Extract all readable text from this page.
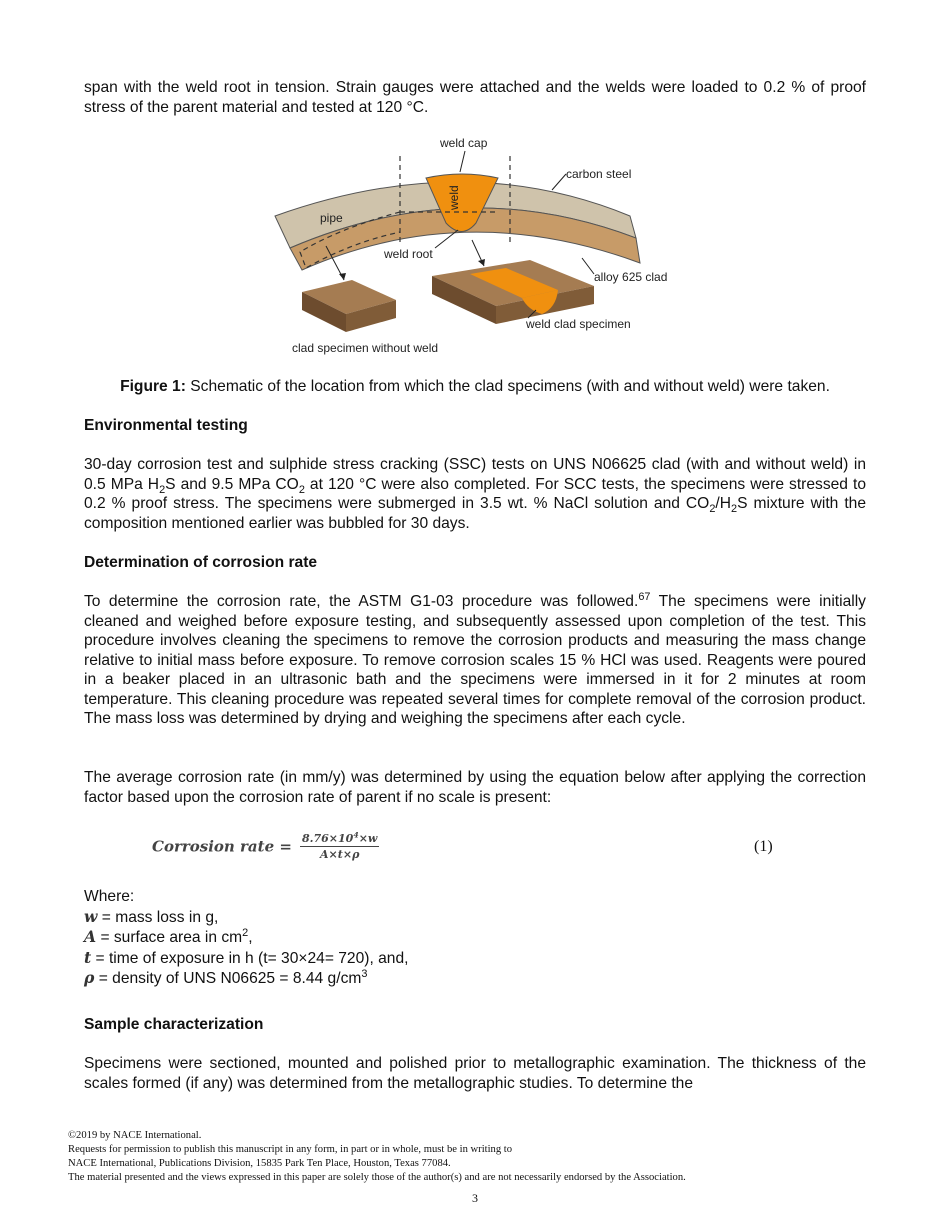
span with the weld root in tension. Strain gauges were attached and the welds were loaded to 0.2 % of proof stress of the parent material and tested at 120 °C.
weld cap
carbon steel
weld
pipe
weld root
alloy 625 clad
weld clad specimen
clad specimen without weld
Figure 1: Schematic of the location from which the clad specimens (with and without weld) were taken.
Environmental testing
30-day corrosion test and sulphide stress cracking (SSC) tests on UNS N06625 clad (with and without weld) in 0.5 MPa $H_2S$ and 9.5 MPa $CO_2$ at 120 °C were also completed. For SCC tests, the specimens were stressed to 0.2 % proof stress. The specimens were submerged in 3.5 wt. % NaCl solution and $CO_2/H_2S$ mixture with the composition mentioned earlier was bubbled for 30 days.
Determination of corrosion rate
To determine the corrosion rate, the ASTM G1-03 procedure was followed.$^{67}$ The specimens were initially cleaned and weighed before exposure testing, and subsequently assessed upon completion of the test. This procedure involves cleaning the specimens to remove the corrosion products and measuring the mass change relative to initial mass before exposure. To remove corrosion scales 15 % HCl was used. Reagents were poured in a beaker placed in an ultrasonic bath and the specimens were immersed in it for 2 minutes at room temperature. This cleaning procedure was repeated several times for complete removal of the corrosion product. The mass loss was determined by drying and weighing the specimens after each cycle.
The average corrosion rate (in mm/y) was determined by using the equation below after applying the correction factor based upon the corrosion rate of parent if no scale is present:
Corrosion rate = $\frac{8.76\times 10^4\times w}{A\times t\times\rho}$	(1)
Where:
w = mass loss in g,
A = surface area in $cm^2$,
t = time of exposure in h (t= 30×24= 720), and,
ρ = density of UNS N06625 = 8.44 $g/cm^3$
Sample characterization
Specimens were sectioned, mounted and polished prior to metallographic examination. The thickness of the scales formed (if any) was determined from the metallographic studies. To determine the
©2019 by NACE International.
Requests for permission to publish this manuscript in any form, in part or in whole, must be in writing to
NACE International, Publications Division, 15835 Park Ten Place, Houston, Texas 77084.
The material presented and the views expressed in this paper are solely those of the author(s) and are not necessarily endorsed by the Association.
3
